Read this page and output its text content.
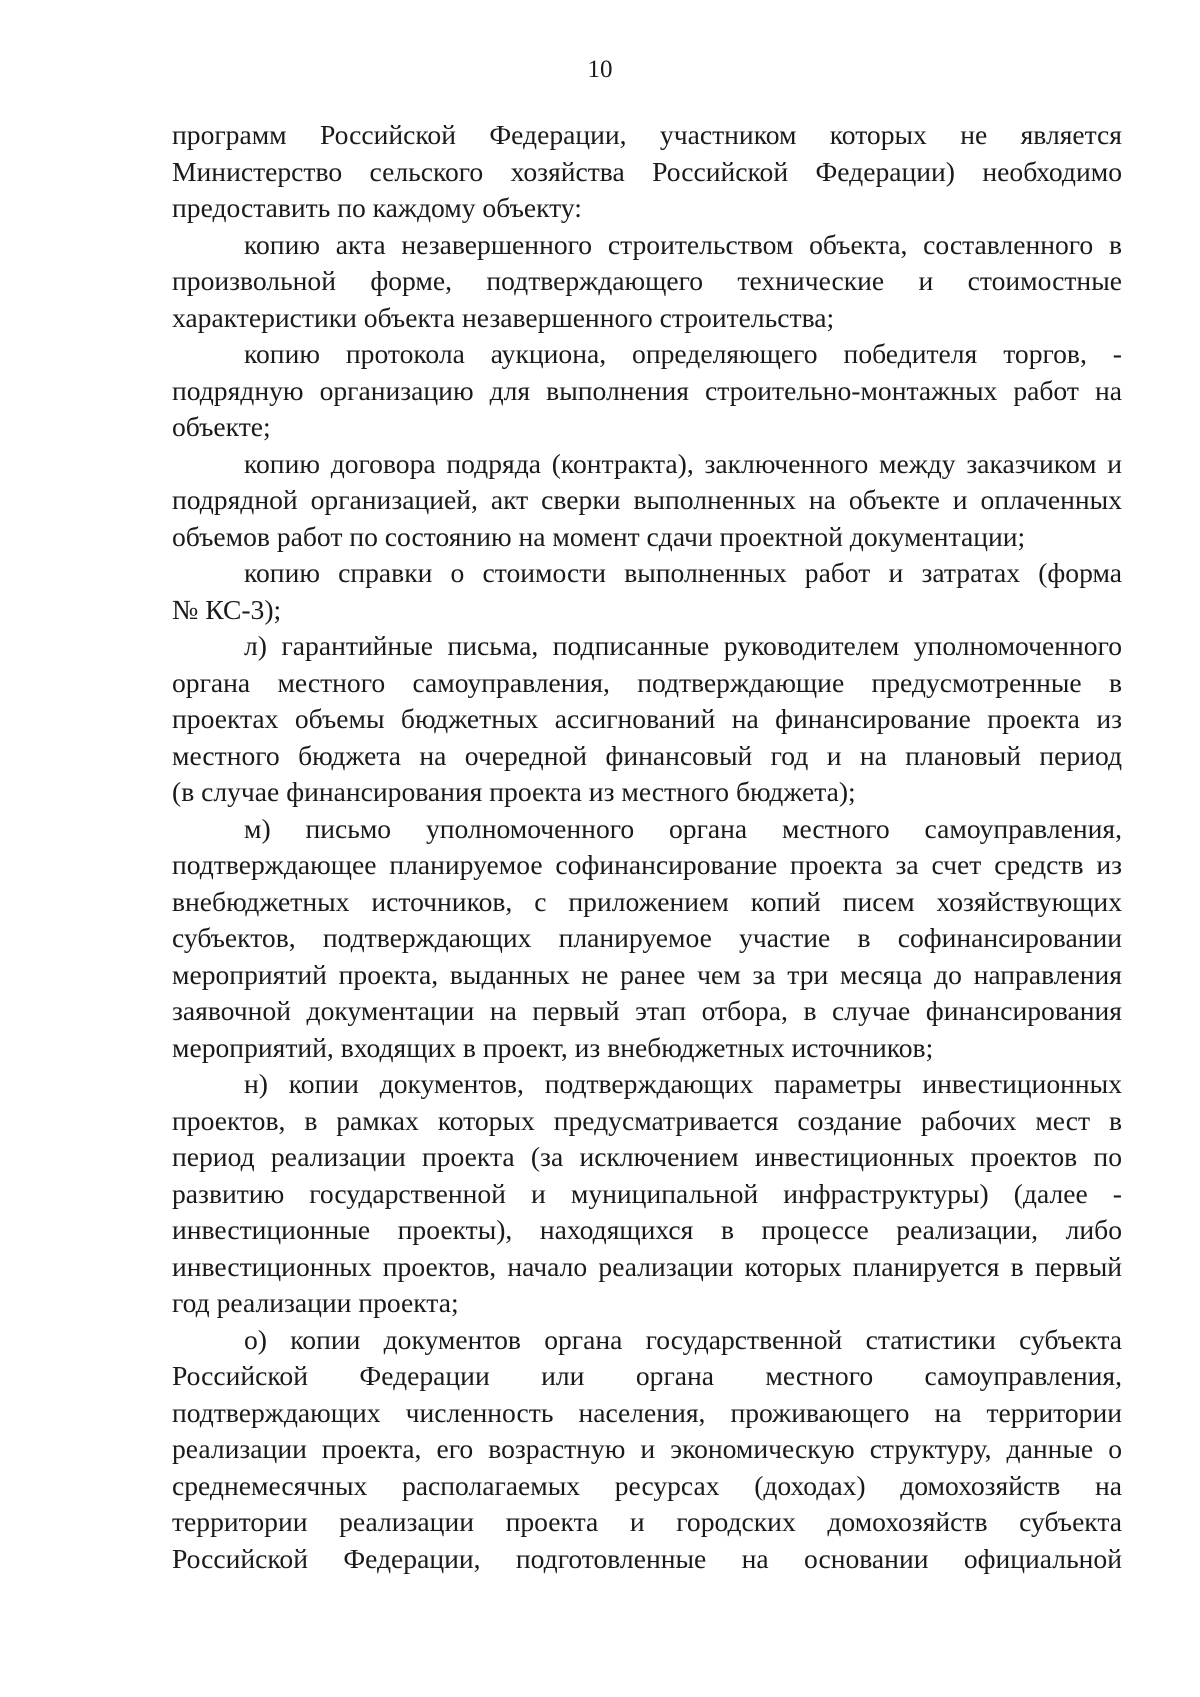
10
программ Российской Федерации, участником которых не является
Министерство сельского хозяйства Российской Федерации) необходимо
предоставить по каждому объекту:
копию акта незавершенного строительством объекта, составленного в
произвольной форме, подтверждающего технические и стоимостные
характеристики объекта незавершенного строительства;
копию протокола аукциона, определяющего победителя торгов, -
подрядную организацию для выполнения строительно-монтажных работ на
объекте;
копию договора подряда (контракта), заключенного между заказчиком и
подрядной организацией, акт сверки выполненных на объекте и оплаченных
объемов работ по состоянию на момент сдачи проектной документации;
копию справки о стоимости выполненных работ и затратах (форма
№ КС-3);
л) гарантийные письма, подписанные руководителем уполномоченного
органа местного самоуправления, подтверждающие предусмотренные в
проектах объемы бюджетных ассигнований на финансирование проекта из
местного бюджета на очередной финансовый год и на плановый период
(в случае финансирования проекта из местного бюджета);
м) письмо уполномоченного органа местного самоуправления,
подтверждающее планируемое софинансирование проекта за счет средств из
внебюджетных источников, с приложением копий писем хозяйствующих
субъектов, подтверждающих планируемое участие в софинансировании
мероприятий проекта, выданных не ранее чем за три месяца до направления
заявочной документации на первый этап отбора, в случае финансирования
мероприятий, входящих в проект, из внебюджетных источников;
н) копии документов, подтверждающих параметры инвестиционных
проектов, в рамках которых предусматривается создание рабочих мест в
период реализации проекта (за исключением инвестиционных проектов по
развитию государственной и муниципальной инфраструктуры) (далее -
инвестиционные проекты), находящихся в процессе реализации, либо
инвестиционных проектов, начало реализации которых планируется в первый
год реализации проекта;
о) копии документов органа государственной статистики субъекта
Российской Федерации или органа местного самоуправления,
подтверждающих численность населения, проживающего на территории
реализации проекта, его возрастную и экономическую структуру, данные о
среднемесячных располагаемых ресурсах (доходах) домохозяйств на
территории реализации проекта и городских домохозяйств субъекта
Российской Федерации, подготовленные на основании официальной
